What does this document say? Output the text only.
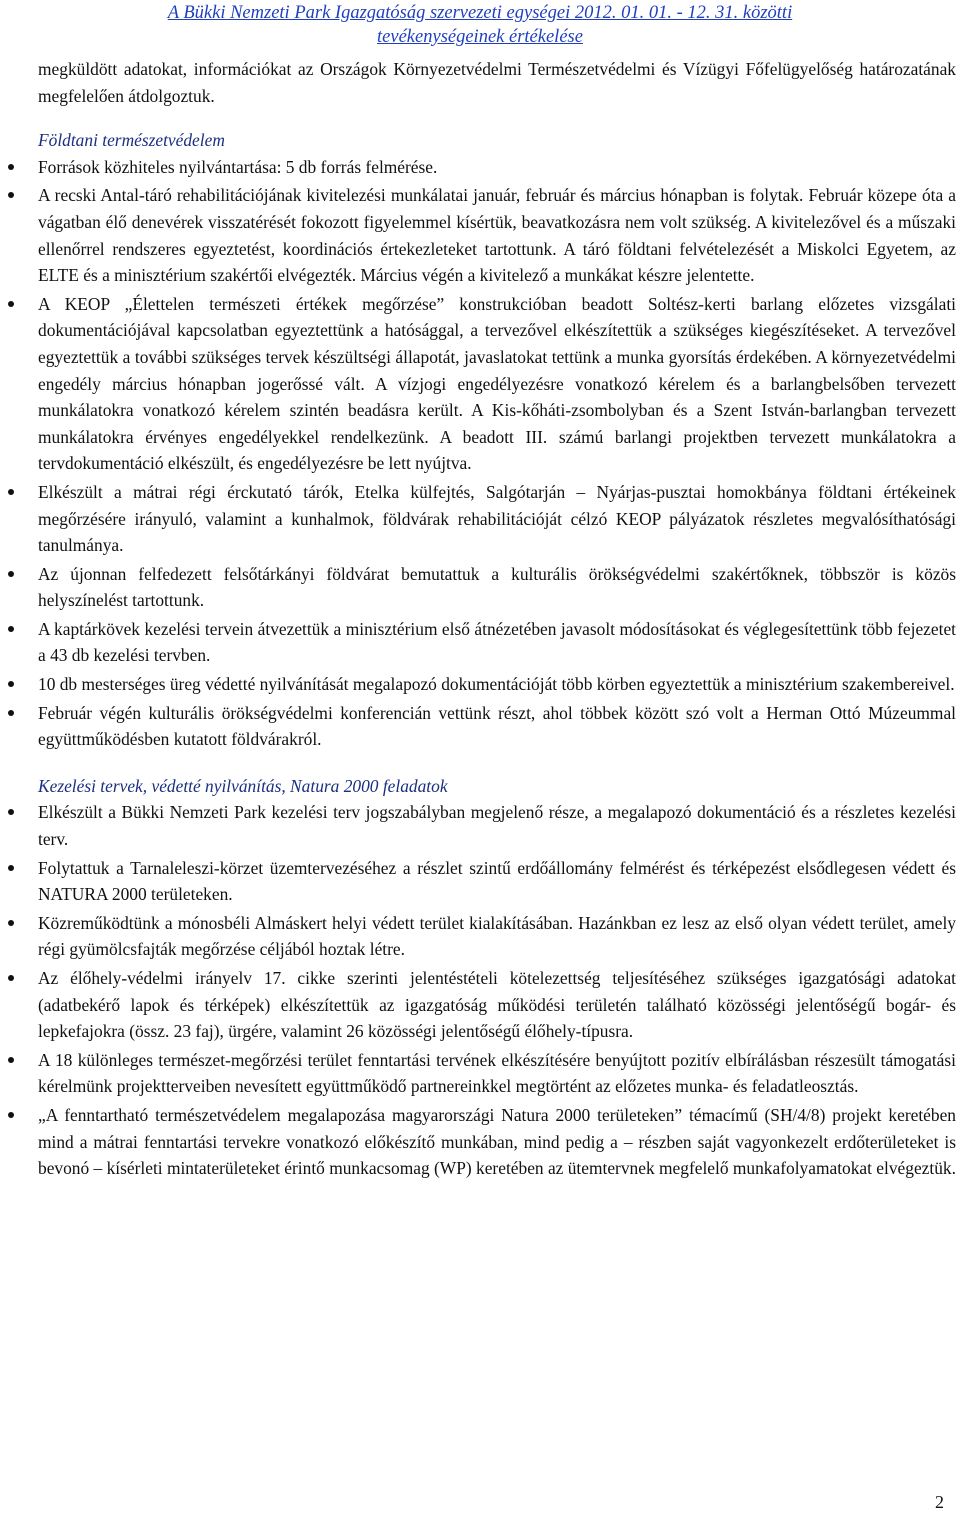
A Bükki Nemzeti Park Igazgatóság szervezeti egységei 2012. 01. 01. - 12. 31. közötti
tevékenységeinek értékelése

megküldött adatokat, információkat az Országok Környezetvédelmi Természetvédelmi és Vízügyi Főfelügyelőség határozatának megfelelően átdolgoztuk.

Földtani természetvédelem

Források közhiteles nyilvántartása: 5 db forrás felmérése.
A recski Antal-táró rehabilitációjának kivitelezési munkálatai január, február és március hónapban is folytak. Február közepe óta a vágatban élő denevérek visszatérését fokozott figyelemmel kísértük, beavatkozásra nem volt szükség. A kivitelezővel és a műszaki ellenőrrel rendszeres egyeztetést, koordinációs értekezleteket tartottunk. A táró földtani felvételezését a Miskolci Egyetem, az ELTE és a minisztérium szakértői elvégezték. Március végén a kivitelező a munkákat készre jelentette.
A KEOP „Élettelen természeti értékek megőrzése” konstrukcióban beadott Soltész-kerti barlang előzetes vizsgálati dokumentációjával kapcsolatban egyeztettünk a hatósággal, a tervezővel elkészítettük a szükséges kiegészítéseket. A tervezővel egyeztettük a további szükséges tervek készültségi állapotát, javaslatokat tettünk a munka gyorsítás érdekében. A környezetvédelmi engedély március hónapban jogerőssé vált. A vízjogi engedélyezésre vonatkozó kérelem és a barlangbelsőben tervezett munkálatokra vonatkozó kérelem szintén beadásra került. A Kis-kőháti-zsombolyban és a Szent István-barlangban tervezett munkálatokra érvényes engedélyekkel rendelkezünk. A beadott III. számú barlangi projektben tervezett munkálatokra a tervdokumentáció elkészült, és engedélyezésre be lett nyújtva.
Elkészült a mátrai régi érckutató tárók, Etelka külfejtés, Salgótarján – Nyárjas-pusztai homokbánya földtani értékeinek megőrzésére irányuló, valamint a kunhalmok, földvárak rehabilitációját célzó KEOP pályázatok részletes megvalósíthatósági tanulmánya.
Az újonnan felfedezett felsőtárkányi földvárat bemutattuk a kulturális örökségvédelmi szakértőknek, többször is közös helyszínelést tartottunk.
A kaptárkövek kezelési tervein átvezettük a minisztérium első átnézetében javasolt módosításokat és véglegesítettünk több fejezetet a 43 db kezelési tervben.
10 db mesterséges üreg védetté nyilvánítását megalapozó dokumentációját több körben egyeztettük a minisztérium szakembereivel.
Február végén kulturális örökségvédelmi konferencián vettünk részt, ahol többek között szó volt a Herman Ottó Múzeummal együttműködésben kutatott földvárakról.

Kezelési tervek, védetté nyilvánítás, Natura 2000 feladatok

Elkészült a Bükki Nemzeti Park kezelési terv jogszabályban megjelenő része, a megalapozó dokumentáció és a részletes kezelési terv.
Folytattuk a Tarnaleleszi-körzet üzemtervezéséhez a részlet szintű erdőállomány felmérést és térképezést elsődlegesen védett és NATURA 2000 területeken.
Közreműködtünk a mónosbéli Almáskert helyi védett terület kialakításában. Hazánkban ez lesz az első olyan védett terület, amely régi gyümölcsfajták megőrzése céljából hoztak létre.
Az élőhely-védelmi irányelv 17. cikke szerinti jelentéstételi kötelezettség teljesítéséhez szükséges igazgatósági adatokat (adatbekérő lapok és térképek) elkészítettük az igazgatóság működési területén található közösségi jelentőségű bogár- és lepkefajokra (össz. 23 faj), ürgére, valamint 26 közösségi jelentőségű élőhely-típusra.
A 18 különleges természet-megőrzési terület fenntartási tervének elkészítésére benyújtott pozitív elbírálásban részesült támogatási kérelmünk projektterveiben nevesített együttműködő partnereinkkel megtörtént az előzetes munka- és feladatleosztás.
„A fenntartható természetvédelem megalapozása magyarországi Natura 2000 területeken” témacímű (SH/4/8) projekt keretében mind a mátrai fenntartási tervekre vonatkozó előkészítő munkában, mind pedig a – részben saját vagyonkezelt erdőterületeket is bevonó – kísérleti mintaterületeket érintő munkacsomag (WP) keretében az ütemtervnek megfelelő munkafolyamatokat elvégeztük.
2
